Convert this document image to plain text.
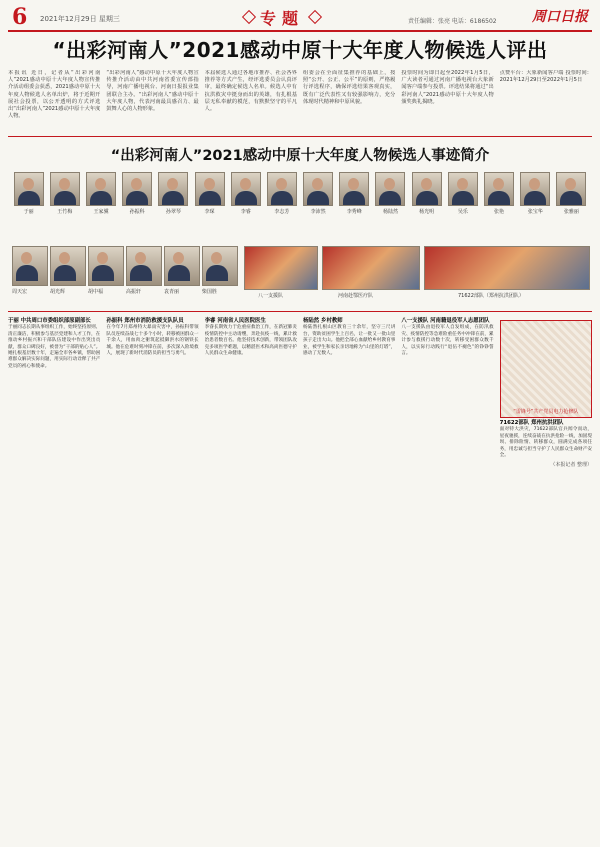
6 2021年12月29日 星期三	专题	责任编辑：张亮 电话：6186502	周口日报
“出彩河南人”2021感动中原十大年度人物候选人评出
本报讯 近日，记者从“出彩河南人”2021感动中原十大年度人物宣传推介活动组委会获悉，2021感动中原十大年度人物候选人名单出炉，将于近期开展社会投票，以公开透明的方式评选出“出彩河南人”2021感动中原十大年度人物。
“出彩河南人”感动中原十大年度人物宣传推介活动由中共河南省委宣传部指导，河南广播电视台、河南日报报业集团联合主办。“出彩河南人”感动中原十大年度人物，代表河南最具感召力、最鼓舞人心的人物形象。
本届候选人通过各地市推荐、社会各界推荐等方式产生，经评选委员会认真评审，最终确定候选人名单。候选人中有抗洪救灾中挺身而出的英雄，有扎根基层无私奉献的模范，有默默坚守的平凡人。
组委会在全面征集推荐的基础上，按照“公开、公正、公平”的原则，严格履行评选程序，确保评选结果客观真实，既有广泛代表性又有较强影响力，充分体现时代精神和中原风貌。
投票时间为即日起至2022年1月5日，广大读者可通过河南广播电视台大象新闻客户端参与投票。评选结果将通过“出彩河南人”2021感动中原十大年度人物颁奖典礼揭晓。
点赞平台：大象新闻客户端 投票时间：2021年12月29日至2022年1月5日
“出彩河南人”2021感动中原十大年度人物候选人事迹简介
于丽	王竹梅	王家骥	孙振科	孙翠琴	李琛	李睿	李志芳	李沛然	李秀峰	杨陆然	杨光明	吴乐	张艳	张宝华	张雅丽
周天宏	胡光辉	胡中福	高振轩	袁青丽	柴国胜
八一支援队	河南赴鄂医疗队	71622部队（郑州抗洪团队）
于丽 中共周口市委组织部原副部长
于丽同志长期从事组织工作，始终坚持原则、清正廉洁，积极参与基层党建和人才工作，在推动乡村振兴和干部队伍建设中作出突出贡献，群众口碑良好，被誉为“干部的贴心人”。她扎根基层数十年，走遍全市各乡镇，帮助困难群众解决实际问题，用实际行动诠释了共产党员的初心和使命。
孙振科 郑州市消防救援支队队员
在今年7月郑州特大暴雨灾害中，孙振科带领队员连续奋战七十多个小时，转移被困群众一千余人，用血肉之躯筑起抵御洪水的钢铁长城。他在危难时刻冲锋在前，多次深入险境救人，展现了新时代消防员的担当与勇气。
李睿 河南省人民医院医生
李睿长期致力于危重症救治工作，在新冠肺炎疫情防控中主动请缨，奔赴抗疫一线，累计救治患者数百名。他坚持技术创新，带领团队攻克多项医学难题，以精湛医术和高尚医德守护人民群众生命健康。
杨陆然 乡村教师
杨陆然扎根山区教育三十余年，坚守三尺讲台，资助贫困学生上百名，让一批又一批山里孩子走出大山。他把全部心血献给乡村教育事业，被学生和家长亲切地称为“山里的灯塔”，感动了无数人。
八一支援队 河南籍退役军人志愿团队
八一支援队由退役军人自发组成，在防汛救灾、疫情防控等急难险重任务中冲锋在前，累计参与救援行动数十次，转移受困群众数千人，以实际行动践行“退伍不褪色”的铮铮誓言。
“雷锋号”共产党员电力抢修队
71622部队 郑州抗洪团队
面对特大洪灾，71622部队官兵闻令而动，星夜驰援，连续奋战在抗洪抢险一线，加固堤坝、排除险情、转移群众，圆满完成各项任务，用忠诚与担当守护了人民群众生命财产安全。
（本报记者 整理）
